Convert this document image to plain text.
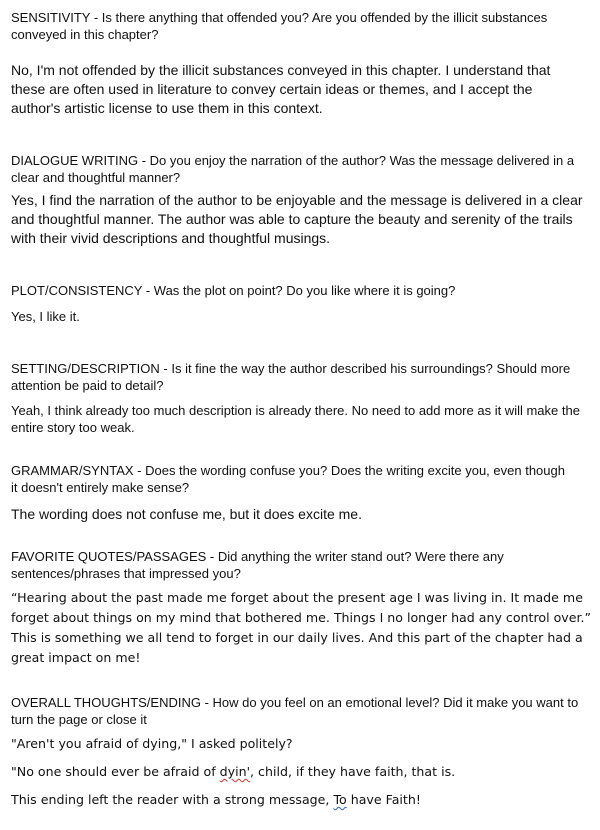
SENSITIVITY - Is there anything that offended you? Are you offended by the illicit substances conveyed in this chapter?

No, I'm not offended by the illicit substances conveyed in this chapter. I understand that these are often used in literature to convey certain ideas or themes, and I accept the author's artistic license to use them in this context.

DIALOGUE WRITING - Do you enjoy the narration of the author? Was the message delivered in a clear and thoughtful manner?

Yes, I find the narration of the author to be enjoyable and the message is delivered in a clear and thoughtful manner. The author was able to capture the beauty and serenity of the trails with their vivid descriptions and thoughtful musings.

PLOT/CONSISTENCY - Was the plot on point? Do you like where it is going?

Yes, I like it.

SETTING/DESCRIPTION - Is it fine the way the author described his surroundings? Should more attention be paid to detail?

Yeah, I think already too much description is already there. No need to add more as it will make the entire story too weak.

GRAMMAR/SYNTAX - Does the wording confuse you? Does the writing excite you, even though it doesn't entirely make sense?

The wording does not confuse me, but it does excite me.

FAVORITE QUOTES/PASSAGES - Did anything the writer stand out? Were there any sentences/phrases that impressed you?

“Hearing about the past made me forget about the present age I was living in. It made me forget about things on my mind that bothered me. Things I no longer had any control over.” This is something we all tend to forget in our daily lives. And this part of the chapter had a great impact on me!

OVERALL THOUGHTS/ENDING - How do you feel on an emotional level? Did it make you want to turn the page or close it

"Aren't you afraid of dying," I asked politely?

"No one should ever be afraid of dyin', child, if they have faith, that is.

This ending left the reader with a strong message, To have Faith!
